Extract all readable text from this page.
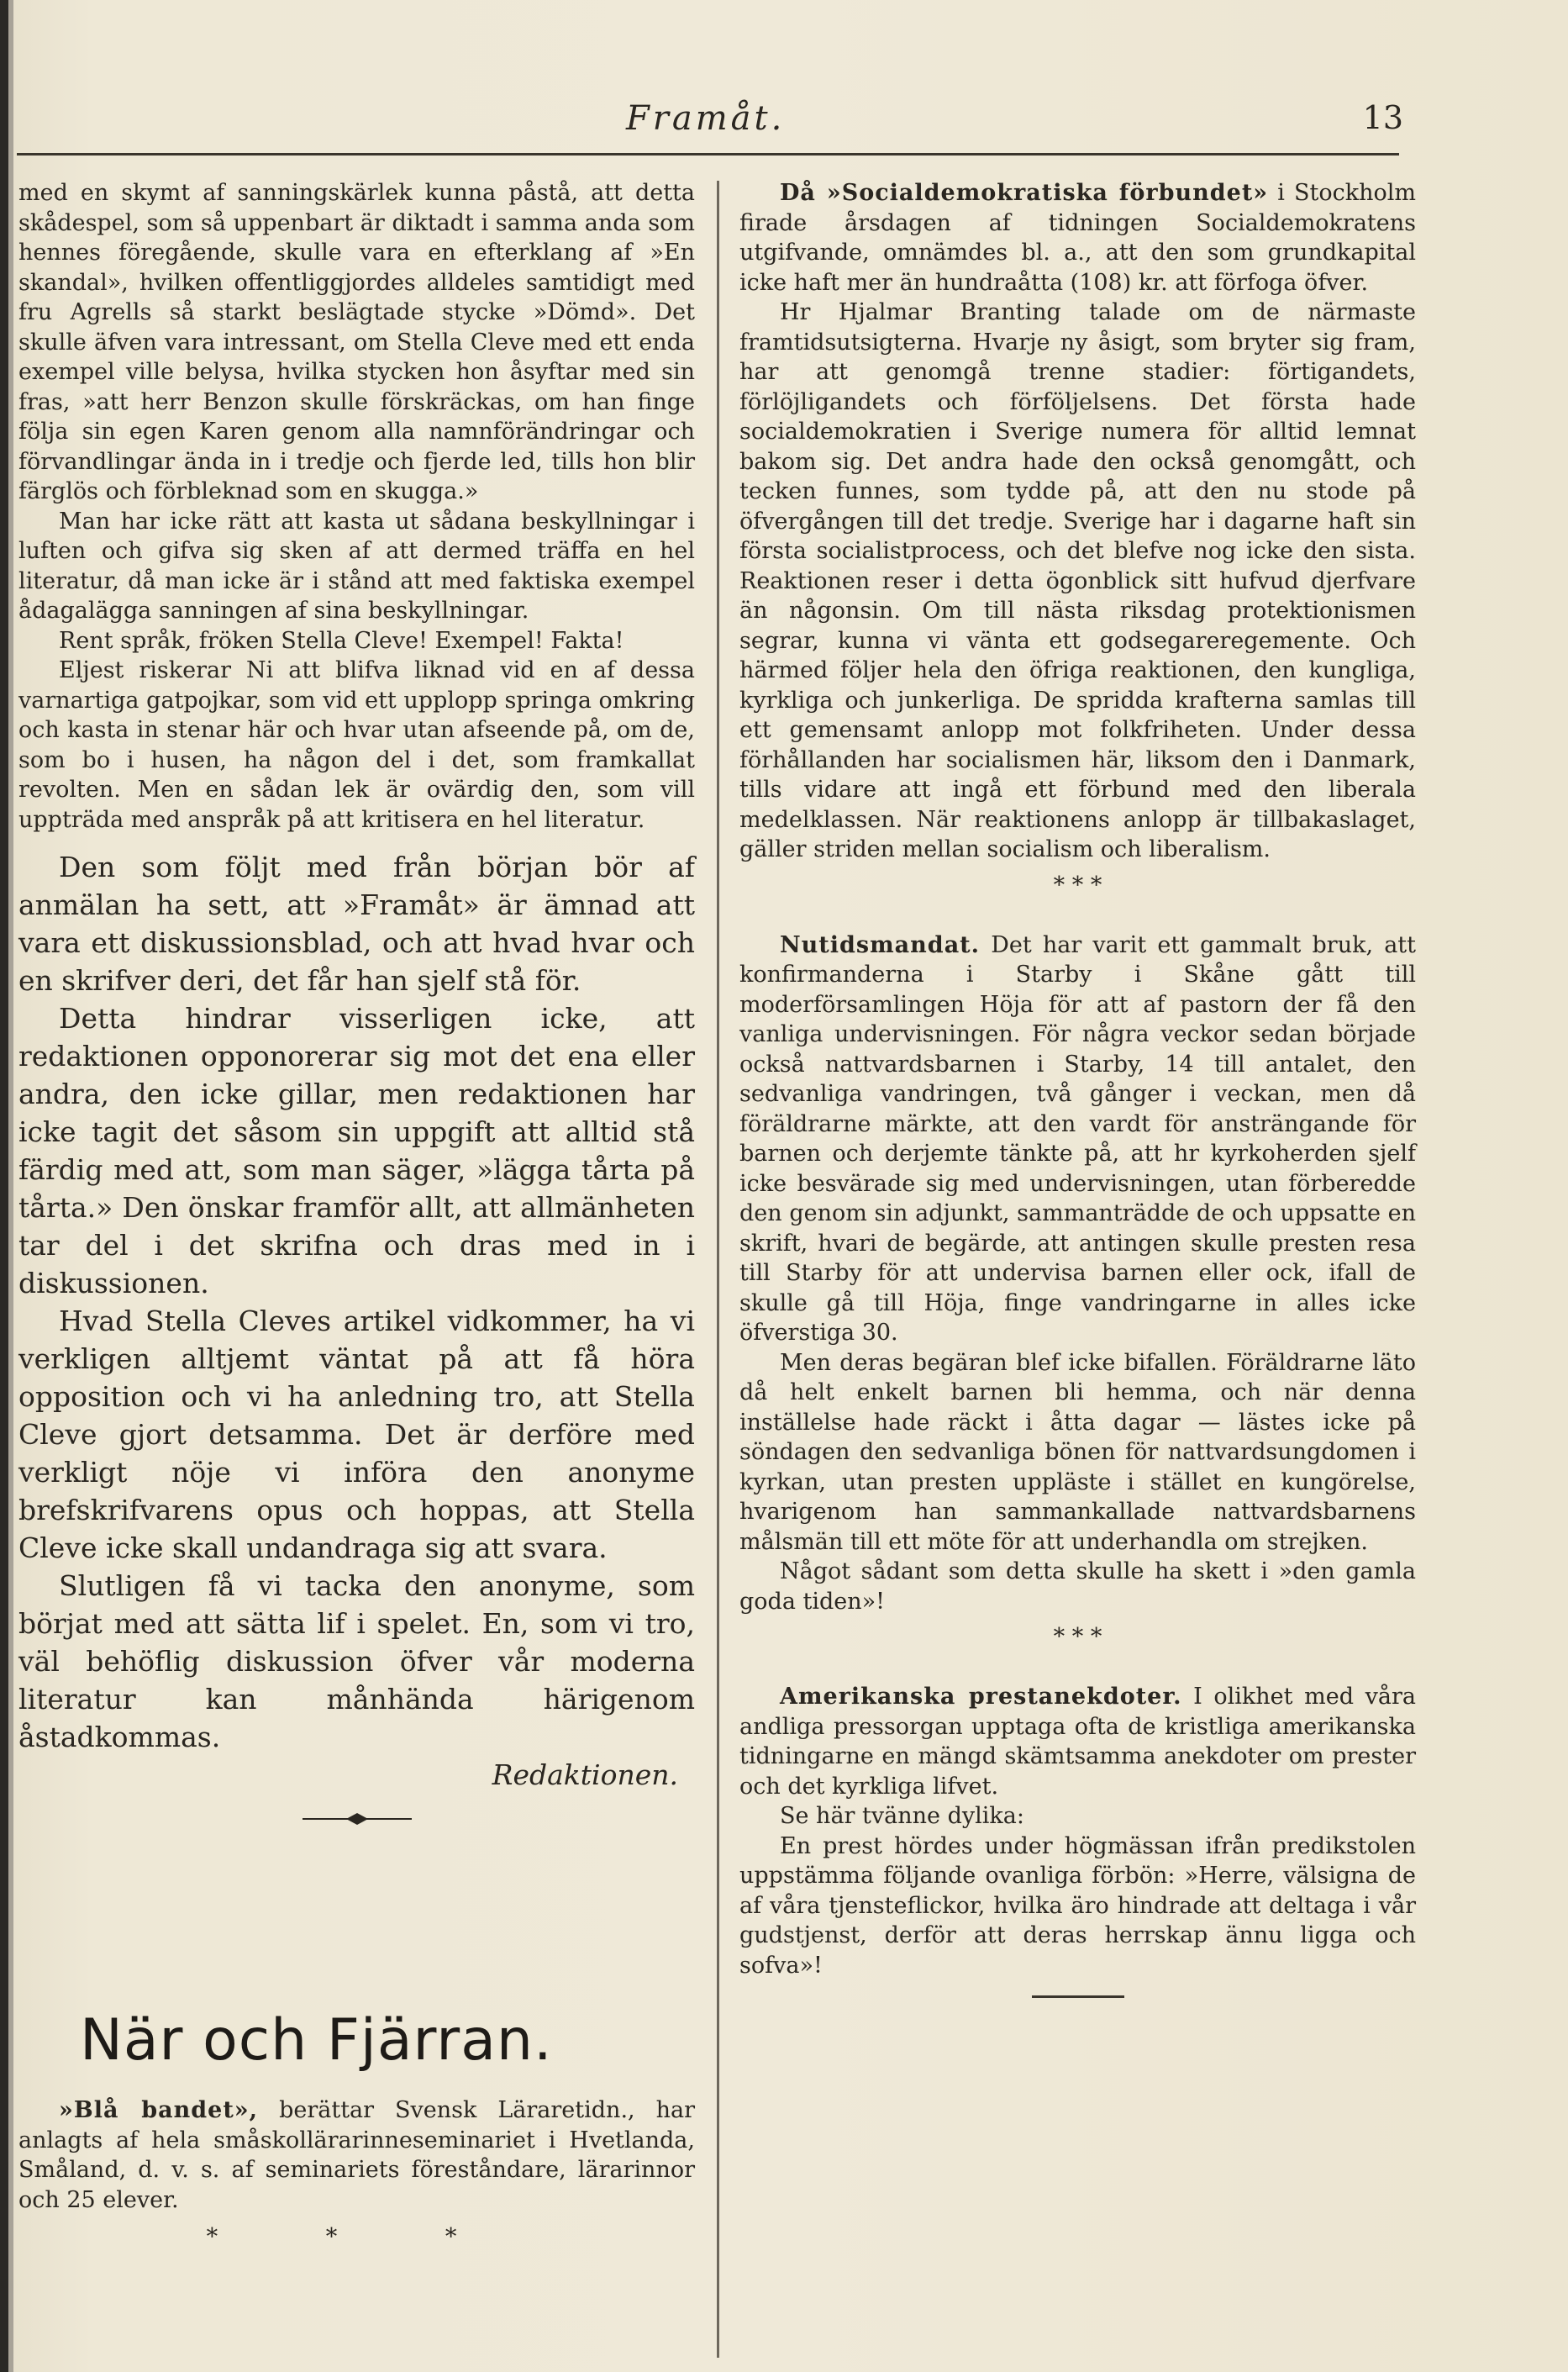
Framåt.	13

med en skymt af sanningskärlek kunna påstå, att detta skådespel, som så uppenbart är diktadt i samma anda som hennes föregående, skulle vara en efterklang af »En skandal», hvilken offentliggjordes alldeles samtidigt med fru Agrells så starkt beslägtade stycke »Dömd». Det skulle äfven vara intressant, om Stella Cleve med ett enda exempel ville belysa, hvilka stycken hon åsyftar med sin fras, »att herr Benzon skulle förskräckas, om han finge följa sin egen Karen genom alla namnförändringar och förvandlingar ända in i tredje och fjerde led, tills hon blir färglös och förbleknad som en skugga.»

Man har icke rätt att kasta ut sådana beskyllningar i luften och gifva sig sken af att dermed träffa en hel literatur, då man icke är i stånd att med faktiska exempel ådagalägga sanningen af sina beskyllningar.

Rent språk, fröken Stella Cleve! Exempel! Fakta!

Eljest riskerar Ni att blifva liknad vid en af dessa varnartiga gatpojkar, som vid ett upplopp springa omkring och kasta in stenar här och hvar utan afseende på, om de, som bo i husen, ha någon del i det, som framkallat revolten. Men en sådan lek är ovärdig den, som vill uppträda med anspråk på att kritisera en hel literatur.

Den som följt med från början bör af anmälan ha sett, att »Framåt» är ämnad att vara ett diskussionsblad, och att hvad hvar och en skrifver deri, det får han sjelf stå för.

Detta hindrar visserligen icke, att redaktionen opponorerar sig mot det ena eller andra, den icke gillar, men redaktionen har icke tagit det såsom sin uppgift att alltid stå färdig med att, som man säger, »lägga tårta på tårta.» Den önskar framför allt, att allmänheten tar del i det skrifna och dras med in i diskussionen.

Hvad Stella Cleves artikel vidkommer, ha vi verkligen alltjemt väntat på att få höra opposition och vi ha anledning tro, att Stella Cleve gjort detsamma. Det är derföre med verkligt nöje vi införa den anonyme brefskrifvarens opus och hoppas, att Stella Cleve icke skall undandraga sig att svara.

Slutligen få vi tacka den anonyme, som börjat med att sätta lif i spelet. En, som vi tro, väl behöflig diskussion öfver vår moderna literatur kan månhända härigenom åstadkommas.

Redaktionen.

När och Fjärran.

»Blå bandet», berättar Svensk Läraretidn., har anlagts af hela småskollärarinneseminariet i Hvetlanda, Småland, d. v. s. af seminariets föreståndare, lärarinnor och 25 elever.

* * *

Då »Socialdemokratiska förbundet» i Stockholm firade årsdagen af tidningen Socialdemokratens utgifvande, omnämdes bl. a., att den som grundkapital icke haft mer än hundraåtta (108) kr. att förfoga öfver.

Hr Hjalmar Branting talade om de närmaste framtidsutsigterna. Hvarje ny åsigt, som bryter sig fram, har att genomgå trenne stadier: förtigandets, förlöjligandets och förföljelsens. Det första hade socialdemokratien i Sverige numera för alltid lemnat bakom sig. Det andra hade den också genomgått, och tecken funnes, som tydde på, att den nu stode på öfvergången till det tredje. Sverige har i dagarne haft sin första socialistprocess, och det blefve nog icke den sista. Reaktionen reser i detta ögonblick sitt hufvud djerfvare än någonsin. Om till nästa riksdag protektionismen segrar, kunna vi vänta ett godsegareregemente. Och härmed följer hela den öfriga reaktionen, den kungliga, kyrkliga och junkerliga. De spridda krafterna samlas till ett gemensamt anlopp mot folkfriheten. Under dessa förhållanden har socialismen här, liksom den i Danmark, tills vidare att ingå ett förbund med den liberala medelklassen. När reaktionens anlopp är tillbakaslaget, gäller striden mellan socialism och liberalism.

* * *

Nutidsmandat. Det har varit ett gammalt bruk, att konfirmanderna i Starby i Skåne gått till moderförsamlingen Höja för att af pastorn der få den vanliga undervisningen. För några veckor sedan började också nattvardsbarnen i Starby, 14 till antalet, den sedvanliga vandringen, två gånger i veckan, men då föräldrarne märkte, att den vardt för ansträngande för barnen och derjemte tänkte på, att hr kyrkoherden sjelf icke besvärade sig med undervisningen, utan förberedde den genom sin adjunkt, sammanträdde de och uppsatte en skrift, hvari de begärde, att antingen skulle presten resa till Starby för att undervisa barnen eller ock, ifall de skulle gå till Höja, finge vandringarne in alles icke öfverstiga 30.

Men deras begäran blef icke bifallen. Föräldrarne läto då helt enkelt barnen bli hemma, och när denna inställelse hade räckt i åtta dagar — lästes icke på söndagen den sedvanliga bönen för nattvardsungdomen i kyrkan, utan presten uppläste i stället en kungörelse, hvarigenom han sammankallade nattvardsbarnens målsmän till ett möte för att underhandla om strejken.

Något sådant som detta skulle ha skett i »den gamla goda tiden»!

* * *

Amerikanska prestanekdoter. I olikhet med våra andliga pressorgan upptaga ofta de kristliga amerikanska tidningarne en mängd skämtsamma anekdoter om prester och det kyrkliga lifvet.

Se här tvänne dylika:

En prest hördes under högmässan ifrån predikstolen uppstämma följande ovanliga förbön: »Herre, välsigna de af våra tjensteflickor, hvilka äro hindrade att deltaga i vår gudstjenst, derför att deras herrskap ännu ligga och sofva»!
